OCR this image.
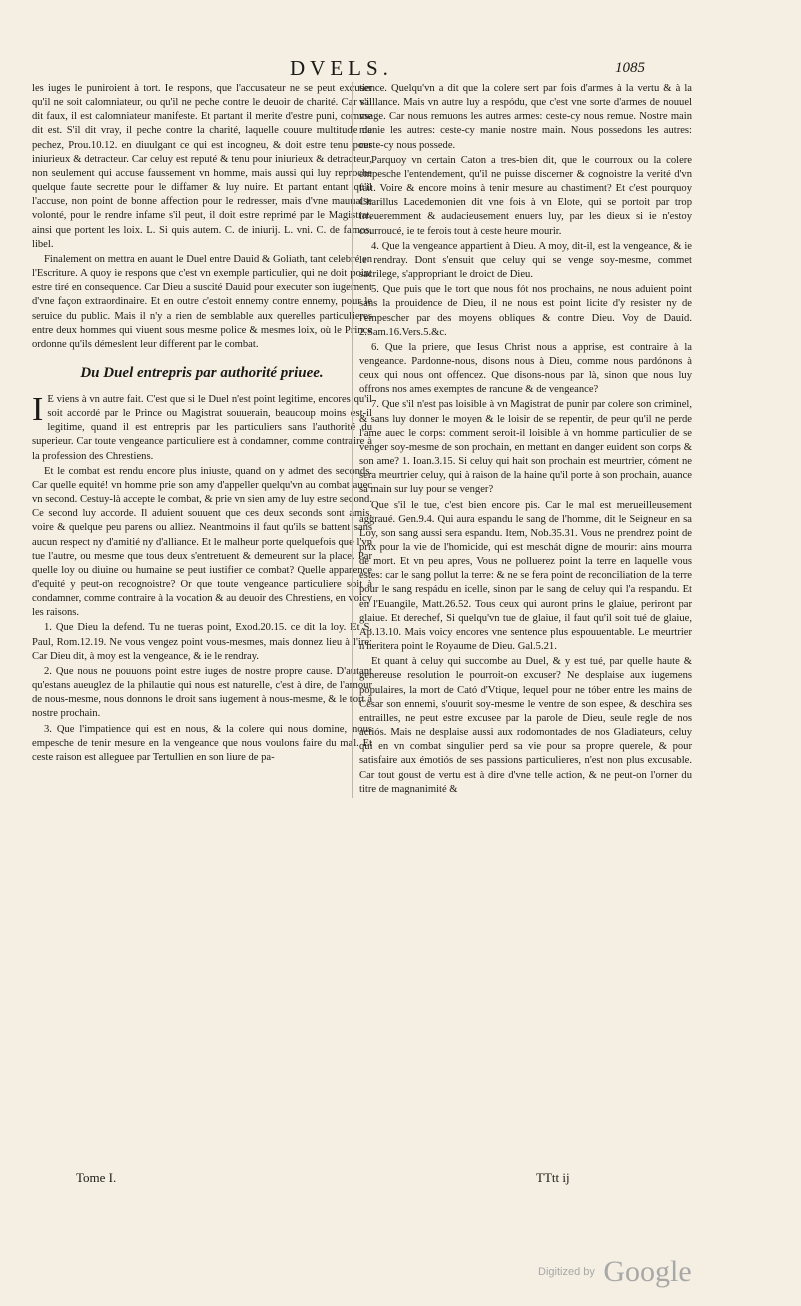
DVELS.	1085

les iuges le puniroient à tort. Ie respons, que l'accusateur ne se peut excuser qu'il ne soit calomniateur, ou qu'il ne peche contre le deuoir de charité. Car s'il dit faux, il est calomniateur manifeste. Et partant il merite d'estre puni, comme dit est. S'il dit vray, il peche contre la charité, laquelle couure multitude de pechez, Prou.10.12. en diuulgant ce qui est incogneu, & doit estre tenu pour iniurieux & detracteur. Car celuy est reputé & tenu pour iniurieux & detracteur, non seulement qui accuse faussement vn homme, mais aussi qui luy reproche quelque faute secrette pour le diffamer & luy nuire. Et partant entant qu'il l'accuse, non point de bonne affection pour le redresser, mais d'vne mauuaise volonté, pour le rendre infame s'il peut, il doit estre reprimé par le Magistrat, ainsi que portent les loix. L. Si quis autem. C. de iniurij. L. vni. C. de famos. libel.

Finalement on mettra en auant le Duel entre Dauid & Goliath, tant celebré en l'Escriture. A quoy ie respons que c'est vn exemple particulier, qui ne doit point estre tiré en consequence. Car Dieu a suscité Dauid pour executer son iugement d'vne façon extraordinaire. Et en outre c'estoit ennemy contre ennemy, pour le seruice du public. Mais il n'y a rien de semblable aux querelles particulieres entre deux hommes qui viuent sous mesme police & mesmes loix, où le Prince ordonne qu'ils démeslent leur different par le combat.

Du Duel entrepris par authorité priuee.

I E viens à vn autre fait. C'est que si le Duel n'est point legitime, encores qu'il soit accordé par le Prince ou Magistrat souuerain, beaucoup moins est-il legitime, quand il est entrepris par les particuliers sans l'authorité du superieur. Car toute vengeance particuliere est à condamner, comme contraire à la profession des Chrestiens.

Et le combat est rendu encore plus iniuste, quand on y admet des seconds. Car quelle equité! vn homme prie son amy d'appeller quelqu'vn au combat auec vn second. Cestuy-là accepte le combat, & prie vn sien amy de luy estre second. Ce second luy accorde. Il aduient souuent que ces deux seconds sont amis, voire & quelque peu parens ou alliez. Neantmoins il faut qu'ils se battent sans aucun respect ny d'amitié ny d'alliance. Et le malheur porte quelquefois que l'vn tue l'autre, ou mesme que tous deux s'entretuent & demeurent sur la place. Par quelle loy ou diuine ou humaine se peut iustifier ce combat? Quelle apparence d'equité y peut-on recognoistre? Or que toute vengeance particuliere soit à condamner, comme contraire à la vocation & au deuoir des Chrestiens, en voicy les raisons.

1. Que Dieu la defend. Tu ne tueras point, Exod.20.15. ce dit la loy. Et S. Paul, Rom.12.19. Ne vous vengez point vous-mesmes, mais donnez lieu à l'ire: Car Dieu dit, à moy est la vengeance, & ie le rendray.

2. Que nous ne pouuons point estre iuges de nostre propre cause. D'autant qu'estans aueuglez de la philautie qui nous est naturelle, c'est à dire, de l'amour de nous-mesme, nous donnons le droit sans iugement à nous-mesme, & le tort à nostre prochain.

3. Que l'impatience qui est en nous, & la colere qui nous domine, nous empesche de tenir mesure en la vengeance que nous voulons faire du mal. Et ceste raison est alleguee par Tertullien en son liure de pa-

tience. Quelqu'vn a dit que la colere sert par fois d'armes à la vertu & à la vaillance. Mais vn autre luy a respódu, que c'est vne sorte d'armes de nouuel vsage. Car nous remuons les autres armes: ceste-cy nous remue. Nostre main manie les autres: ceste-cy manie nostre main. Nous possedons les autres: ceste-cy nous possede.

Parquoy vn certain Caton a tres-bien dit, que le courroux ou la colere empesche l'entendement, qu'il ne puisse discerner & cognoistre la verité d'vn fait. Voire & encore moins à tenir mesure au chastiment? Et c'est pourquoy Charillus Lacedemonien dit vne fois à vn Elote, qui se portoit par trop irreueremment & audacieusement enuers luy, par les dieux si ie n'estoy courroucé, ie te ferois tout à ceste heure mourir.

4. Que la vengeance appartient à Dieu. A moy, dit-il, est la vengeance, & ie le rendray. Dont s'ensuit que celuy qui se venge soy-mesme, commet sacrilege, s'appropriant le droict de Dieu.

5. Que puis que le tort que nous fót nos prochains, ne nous aduient point sans la prouidence de Dieu, il ne nous est point licite d'y resister ny de l'empescher par des moyens obliques & contre Dieu. Voy de Dauid. 2.Sam.16.Vers.5.&c.

6. Que la priere, que Iesus Christ nous a apprise, est contraire à la vengeance. Pardonne-nous, disons nous à Dieu, comme nous pardónons à ceux qui nous ont offencez. Que disons-nous par là, sinon que nous luy offrons nos ames exemptes de rancune & de vengeance?

7. Que s'il n'est pas loisible à vn Magistrat de punir par colere son criminel, & sans luy donner le moyen & le loisir de se repentir, de peur qu'il ne perde l'ame auec le corps: comment seroit-il loisible à vn homme particulier de se venger soy-mesme de son prochain, en mettant en danger euident son corps & son ame? 1. Ioan.3.15. Si celuy qui hait son prochain est meurtrier, cóment ne sera meurtrier celuy, qui à raison de la haine qu'il porte à son prochain, auance sa main sur luy pour se venger?

Que s'il le tue, c'est bien encore pis. Car le mal est merueilleusement aggraué. Gen.9.4. Qui aura espandu le sang de l'homme, dit le Seigneur en sa Loy, son sang aussi sera espandu. Item, Nob.35.31. Vous ne prendrez point de prix pour la vie de l'homicide, qui est meschát digne de mourir: ains mourra de mort. Et vn peu apres, Vous ne polluerez point la terre en laquelle vous estes: car le sang pollut la terre: & ne se fera point de reconciliation de la terre pour le sang respádu en icelle, sinon par le sang de celuy qui l'a respandu. Et en l'Euangile, Matt.26.52. Tous ceux qui auront prins le glaiue, periront par glaiue. Et derechef, Si quelqu'vn tue de glaiue, il faut qu'il soit tué de glaiue, Ap.13.10. Mais voicy encores vne sentence plus espouuentable. Le meurtrier n'heritera point le Royaume de Dieu. Gal.5.21.

Et quant à celuy qui succombe au Duel, & y est tué, par quelle haute & genereuse resolution le pourroit-on excuser? Ne desplaise aux iugemens populaires, la mort de Cató d'Vtique, lequel pour ne tóber entre les mains de Cesar son ennemi, s'ouurit soy-mesme le ventre de son espee, & deschira ses entrailles, ne peut estre excusee par la parole de Dieu, seule regle de nos actiós. Mais ne desplaise aussi aux rodomontades de nos Gladiateurs, celuy qui en vn combat singulier perd sa vie pour sa propre querele, & pour satisfaire aux émotiós de ses passions particulieres, n'est non plus excusable. Car tout goust de vertu est à dire d'vne telle action, & ne peut-on l'orner du titre de magnanimité &

Tome I.	TTtt ij
Digitized by Google
